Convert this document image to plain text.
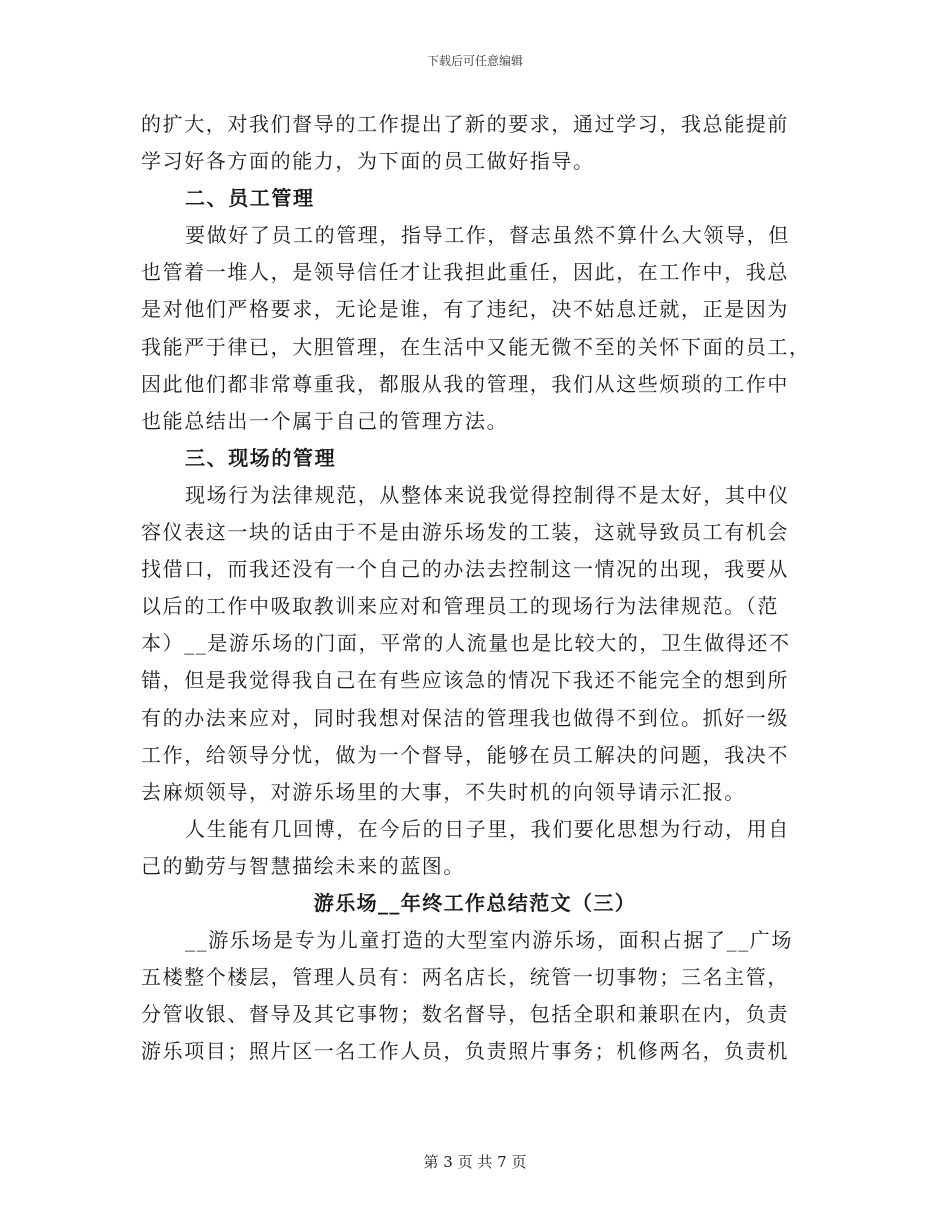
下载后可任意编辑
的扩大，对我们督导的工作提出了新的要求，通过学习，我总能提前
学习好各方面的能力，为下面的员工做好指导。
二、员工管理
要做好了员工的管理，指导工作，督志虽然不算什么大领导，但
也管着一堆人，是领导信任才让我担此重任，因此，在工作中，我总
是对他们严格要求，无论是谁，有了违纪，决不姑息迁就，正是因为
我能严于律已，大胆管理，在生活中又能无微不至的关怀下面的员工，
因此他们都非常尊重我，都服从我的管理，我们从这些烦琐的工作中
也能总结出一个属于自己的管理方法。
三、现场的管理
现场行为法律规范，从整体来说我觉得控制得不是太好，其中仪
容仪表这一块的话由于不是由游乐场发的工装，这就导致员工有机会
找借口，而我还没有一个自己的办法去控制这一情况的出现，我要从
以后的工作中吸取教训来应对和管理员工的现场行为法律规范。（范
本）__是游乐场的门面，平常的人流量也是比较大的，卫生做得还不
错，但是我觉得我自己在有些应该急的情况下我还不能完全的想到所
有的办法来应对，同时我想对保洁的管理我也做得不到位。抓好一级
工作，给领导分忧，做为一个督导，能够在员工解决的问题，我决不
去麻烦领导，对游乐场里的大事，不失时机的向领导请示汇报。
人生能有几回博，在今后的日子里，我们要化思想为行动，用自
己的勤劳与智慧描绘未来的蓝图。
游乐场__年终工作总结范文（三）
__游乐场是专为儿童打造的大型室内游乐场，面积占据了__广场
五楼整个楼层，管理人员有：两名店长，统管一切事物；三名主管，
分管收银、督导及其它事物；数名督导，包括全职和兼职在内，负责
游乐项目；照片区一名工作人员，负责照片事务；机修两名，负责机
第 3 页 共 7 页
